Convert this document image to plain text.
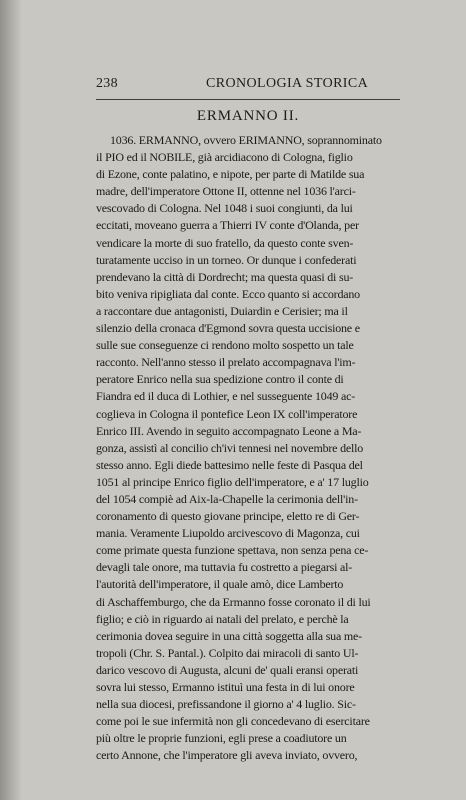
238	CRONOLOGIA STORICA
ERMANNO II.
1036. ERMANNO, ovvero ERIMANNO, soprannominato
il PIO ed il NOBILE, già arcidiacono di Cologna, figlio
di Ezone, conte palatino, e nipote, per parte di Matilde sua
madre, dell'imperatore Ottone II, ottenne nel 1036 l'arci-
vescovado di Cologna. Nel 1048 i suoi congiunti, da lui
eccitati, moveano guerra a Thierri IV conte d'Olanda, per
vendicare la morte di suo fratello, da questo conte sven-
turatamente ucciso in un torneo. Or dunque i confederati
prendevano la città di Dordrecht; ma questa quasi di su-
bito veniva ripigliata dal conte. Ecco quanto si accordano
a raccontare due antagonisti, Duiardin e Cerisier; ma il
silenzio della cronaca d'Egmond sovra questa uccisione e
sulle sue conseguenze ci rendono molto sospetto un tale
racconto. Nell'anno stesso il prelato accompagnava l'im-
peratore Enrico nella sua spedizione contro il conte di
Fiandra ed il duca di Lothier, e nel susseguente 1049 ac-
coglieva in Cologna il pontefice Leon IX coll'imperatore
Enrico III. Avendo in seguito accompagnato Leone a Ma-
gonza, assistì al concilio ch'ivi tennesi nel novembre dello
stesso anno. Egli diede battesimo nelle feste di Pasqua del
1051 al principe Enrico figlio dell'imperatore, e a' 17 luglio
del 1054 compiè ad Aix-la-Chapelle la cerimonia dell'in-
coronamento di questo giovane principe, eletto re di Ger-
mania. Veramente Liupoldo arcivescovo di Magonza, cui
come primate questa funzione spettava, non senza pena ce-
devagli tale onore, ma tuttavia fu costretto a piegarsi al-
l'autorità dell'imperatore, il quale amò, dice Lamberto
di Aschaffemburgo, che da Ermanno fosse coronato il di lui
figlio; e ciò in riguardo ai natali del prelato, e perchè la
cerimonia dovea seguire in una città soggetta alla sua me-
tropoli (Chr. S. Pantal.). Colpito dai miracoli di santo Ul-
darico vescovo di Augusta, alcuni de' quali eransi operati
sovra lui stesso, Ermanno istituì una festa in di lui onore
nella sua diocesi, prefissandone il giorno a' 4 luglio. Sic-
come poi le sue infermità non gli concedevano di esercitare
più oltre le proprie funzioni, egli prese a coadiutore un
certo Annone, che l'imperatore gli aveva inviato, ovvero,
